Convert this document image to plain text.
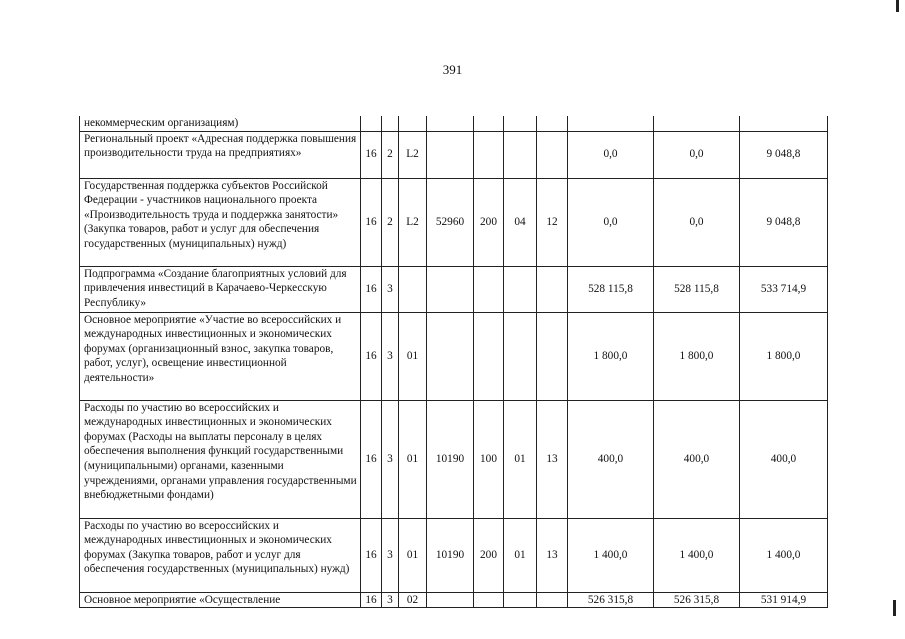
391
некоммерческим организациям)										
Региональный проект «Адресная поддержка повышения производительности труда на предприятиях»	16	2	L2					0,0	0,0	9 048,8
Государственная поддержка субъектов Российской Федерации - участников национального проекта «Производительность труда и поддержка занятости» (Закупка товаров, работ и услуг для обеспечения государственных (муниципальных) нужд)	16	2	L2	52960	200	04	12	0,0	0,0	9 048,8
Подпрограмма «Создание благоприятных условий для привлечения инвестиций в Карачаево-Черкесскую Республику»	16	3						528 115,8	528 115,8	533 714,9
Основное мероприятие «Участие во всероссийских и международных инвестиционных и экономических форумах (организационный взнос, закупка товаров, работ, услуг), освещение инвестиционной деятельности»	16	3	01					1 800,0	1 800,0	1 800,0
Расходы по участию во всероссийских и международных инвестиционных и экономических форумах (Расходы на выплаты персоналу в целях обеспечения выполнения функций государственными (муниципальными) органами, казенными учреждениями, органами управления государственными внебюджетными фондами)	16	3	01	10190	100	01	13	400,0	400,0	400,0
Расходы по участию во всероссийских и международных инвестиционных и экономических форумах (Закупка товаров, работ и услуг для обеспечения государственных (муниципальных) нужд)	16	3	01	10190	200	01	13	1 400,0	1 400,0	1 400,0
Основное мероприятие «Осуществление	16	3	02					526 315,8	526 315,8	531 914,9
